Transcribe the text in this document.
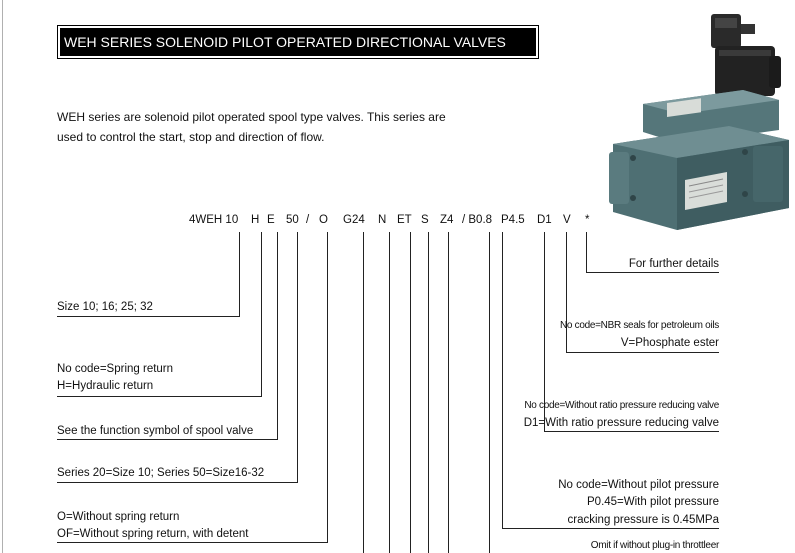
WEH SERIES SOLENOID PILOT OPERATED DIRECTIONAL VALVES
WEH series are solenoid pilot operated spool type valves. This series are
used to control the start, stop and direction of flow.
4WEH 10 H E 50 / O G24 N ET S Z4 / B0.8 P4.5 D1 V *
Size 10; 16; 25; 32
No code=Spring return
H=Hydraulic return
See the function symbol of spool valve
Series 20=Size 10; Series 50=Size16-32
O=Without spring return
OF=Without spring return, with detent
For further details
No code=NBR seals for petroleum oils
V=Phosphate ester
No code=Without ratio pressure reducing valve
D1=With ratio pressure reducing valve
No code=Without pilot pressure
P0.45=With pilot pressure
cracking pressure is 0.45MPa
Omit if without plug-in throttleer
